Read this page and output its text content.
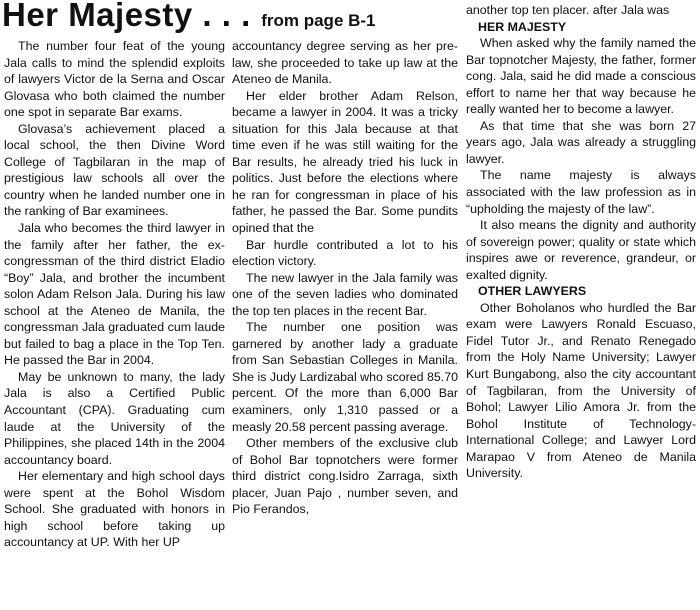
Her Majesty . . . from page B-1

The number four feat of the young Jala calls to mind the splendid exploits of lawyers Victor de la Serna and Oscar Glovasa who both claimed the number one spot in separate Bar exams.

Glovasa’s achievement placed a local school, the then Divine Word College of Tagbilaran in the map of prestigious law schools all over the country when he landed number one in the ranking of Bar examinees.

Jala who becomes the third lawyer in the family after her father, the ex-congressman of the third district Eladio “Boy” Jala, and brother the incumbent solon Adam Relson Jala. During his law school at the Ateneo de Manila, the congressman Jala graduated cum laude but failed to bag a place in the Top Ten. He passed the Bar in 2004.

May be unknown to many, the lady Jala is also a Certified Public Accountant (CPA). Graduating cum laude at the University of the Philippines, she placed 14th in the 2004 accountancy board.

Her elementary and high school days were spent at the Bohol Wisdom School. She graduated with honors in high school before taking up accountancy at UP. With her UP

accountancy degree serving as her pre-law, she proceeded to take up law at the Ateneo de Manila.

Her elder brother Adam Relson, became a lawyer in 2004. It was a tricky situation for this Jala because at that time even if he was still waiting for the Bar results, he already tried his luck in politics. Just before the elections where he ran for congressman in place of his father, he passed the Bar. Some pundits opined that the

Bar hurdle contributed a lot to his election victory.

The new lawyer in the Jala family was one of the seven ladies who dominated the top ten places in the recent Bar.

The number one position was garnered by another lady a graduate from San Sebastian Colleges in Manila. She is Judy Lardizabal who scored 85.70 percent. Of the more than 6,000 Bar examiners, only 1,310 passed or a measly 20.58 percent passing average.

Other members of the exclusive club of Bohol Bar topnotchers were former third district cong.Isidro Zarraga, sixth placer, Juan Pajo , number seven, and Pio Ferandos,

another top ten placer. after Jala was

HER MAJESTY

When asked why the family named the Bar topnotcher Majesty, the father, former cong. Jala, said he did made a conscious effort to name her that way because he really wanted her to become a lawyer.

As that time that she was born 27 years ago, Jala was already a struggling lawyer.

The name majesty is always associated with the law profession as in “upholding the majesty of the law”.

It also means the dignity and authority of sovereign power; quality or state which inspires awe or reverence, grandeur, or exalted dignity.

OTHER LAWYERS

Other Boholanos who hurdled the Bar exam were Lawyers Ronald Escuaso, Fidel Tutor Jr., and Renato Renegado from the Holy Name University; Lawyer Kurt Bungabong, also the city accountant of Tagbilaran, from the University of Bohol; Lawyer Lilio Amora Jr. from the Bohol Institute of Technology-International College; and Lawyer Lord Marapao V from Ateneo de Manila University.
